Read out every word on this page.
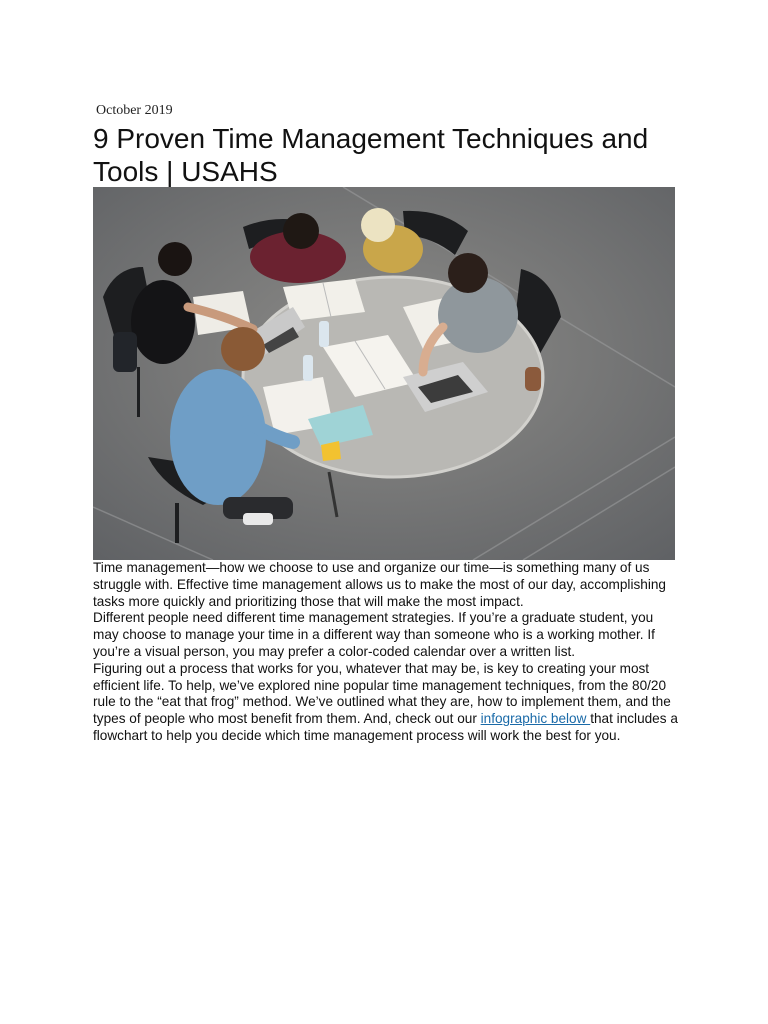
October 2019
9 Proven Time Management Techniques and Tools | USAHS

Time management—how we choose to use and organize our time—is something many of us struggle with. Effective time management allows us to make the most of our day, accomplishing tasks more quickly and prioritizing those that will make the most impact.

Different people need different time management strategies. If you’re a graduate student, you may choose to manage your time in a different way than someone who is a working mother. If you’re a visual person, you may prefer a color-coded calendar over a written list.

Figuring out a process that works for you, whatever that may be, is key to creating your most efficient life. To help, we’ve explored nine popular time management techniques, from the 80/20 rule to the “eat that frog” method. We’ve outlined what they are, how to implement them, and the types of people who most benefit from them. And, check out our infographic below that includes a flowchart to help you decide which time management process will work the best for you.
